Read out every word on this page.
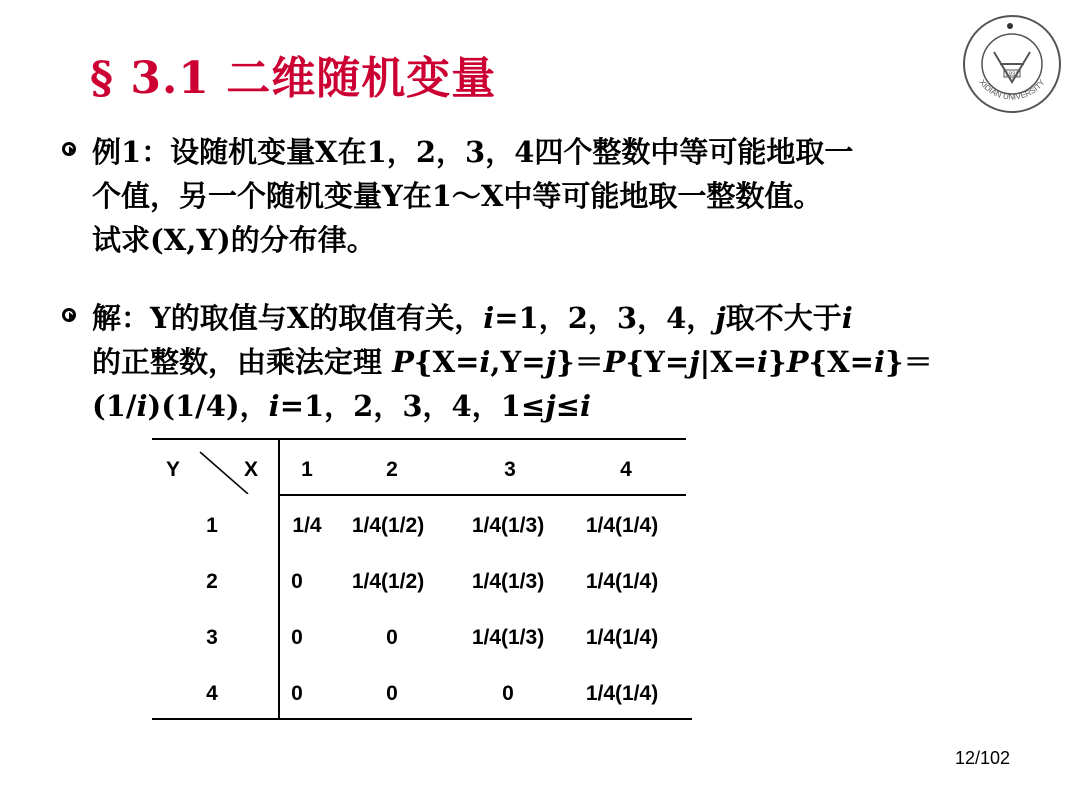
§ 3.1 二维随机变量	1931
XIDIAN UNIVERSITY
例1：设随机变量X在1，2，3，4四个整数中等可能地取一
个值，另一个随机变量Y在1～X中等可能地取一整数值。
试求(X,Y)的分布律。
解：Y的取值与X的取值有关，i=1，2，3，4，j取不大于i
的正整数，由乘法定理 P{X=i,Y=j}＝P{Y=j|X=i}P{X=i}＝
(1/i)(1/4)，i=1，2，3，4，1≤j≤i
Y	X 1	2	3	4
1	1/4 1/4(1/2) 1/4(1/3) 1/4(1/4)
2	0 1/4(1/2) 1/4(1/3) 1/4(1/4)
3	0	0	1/4(1/3) 1/4(1/4)
4	0	0	0	1/4(1/4)
12/102
